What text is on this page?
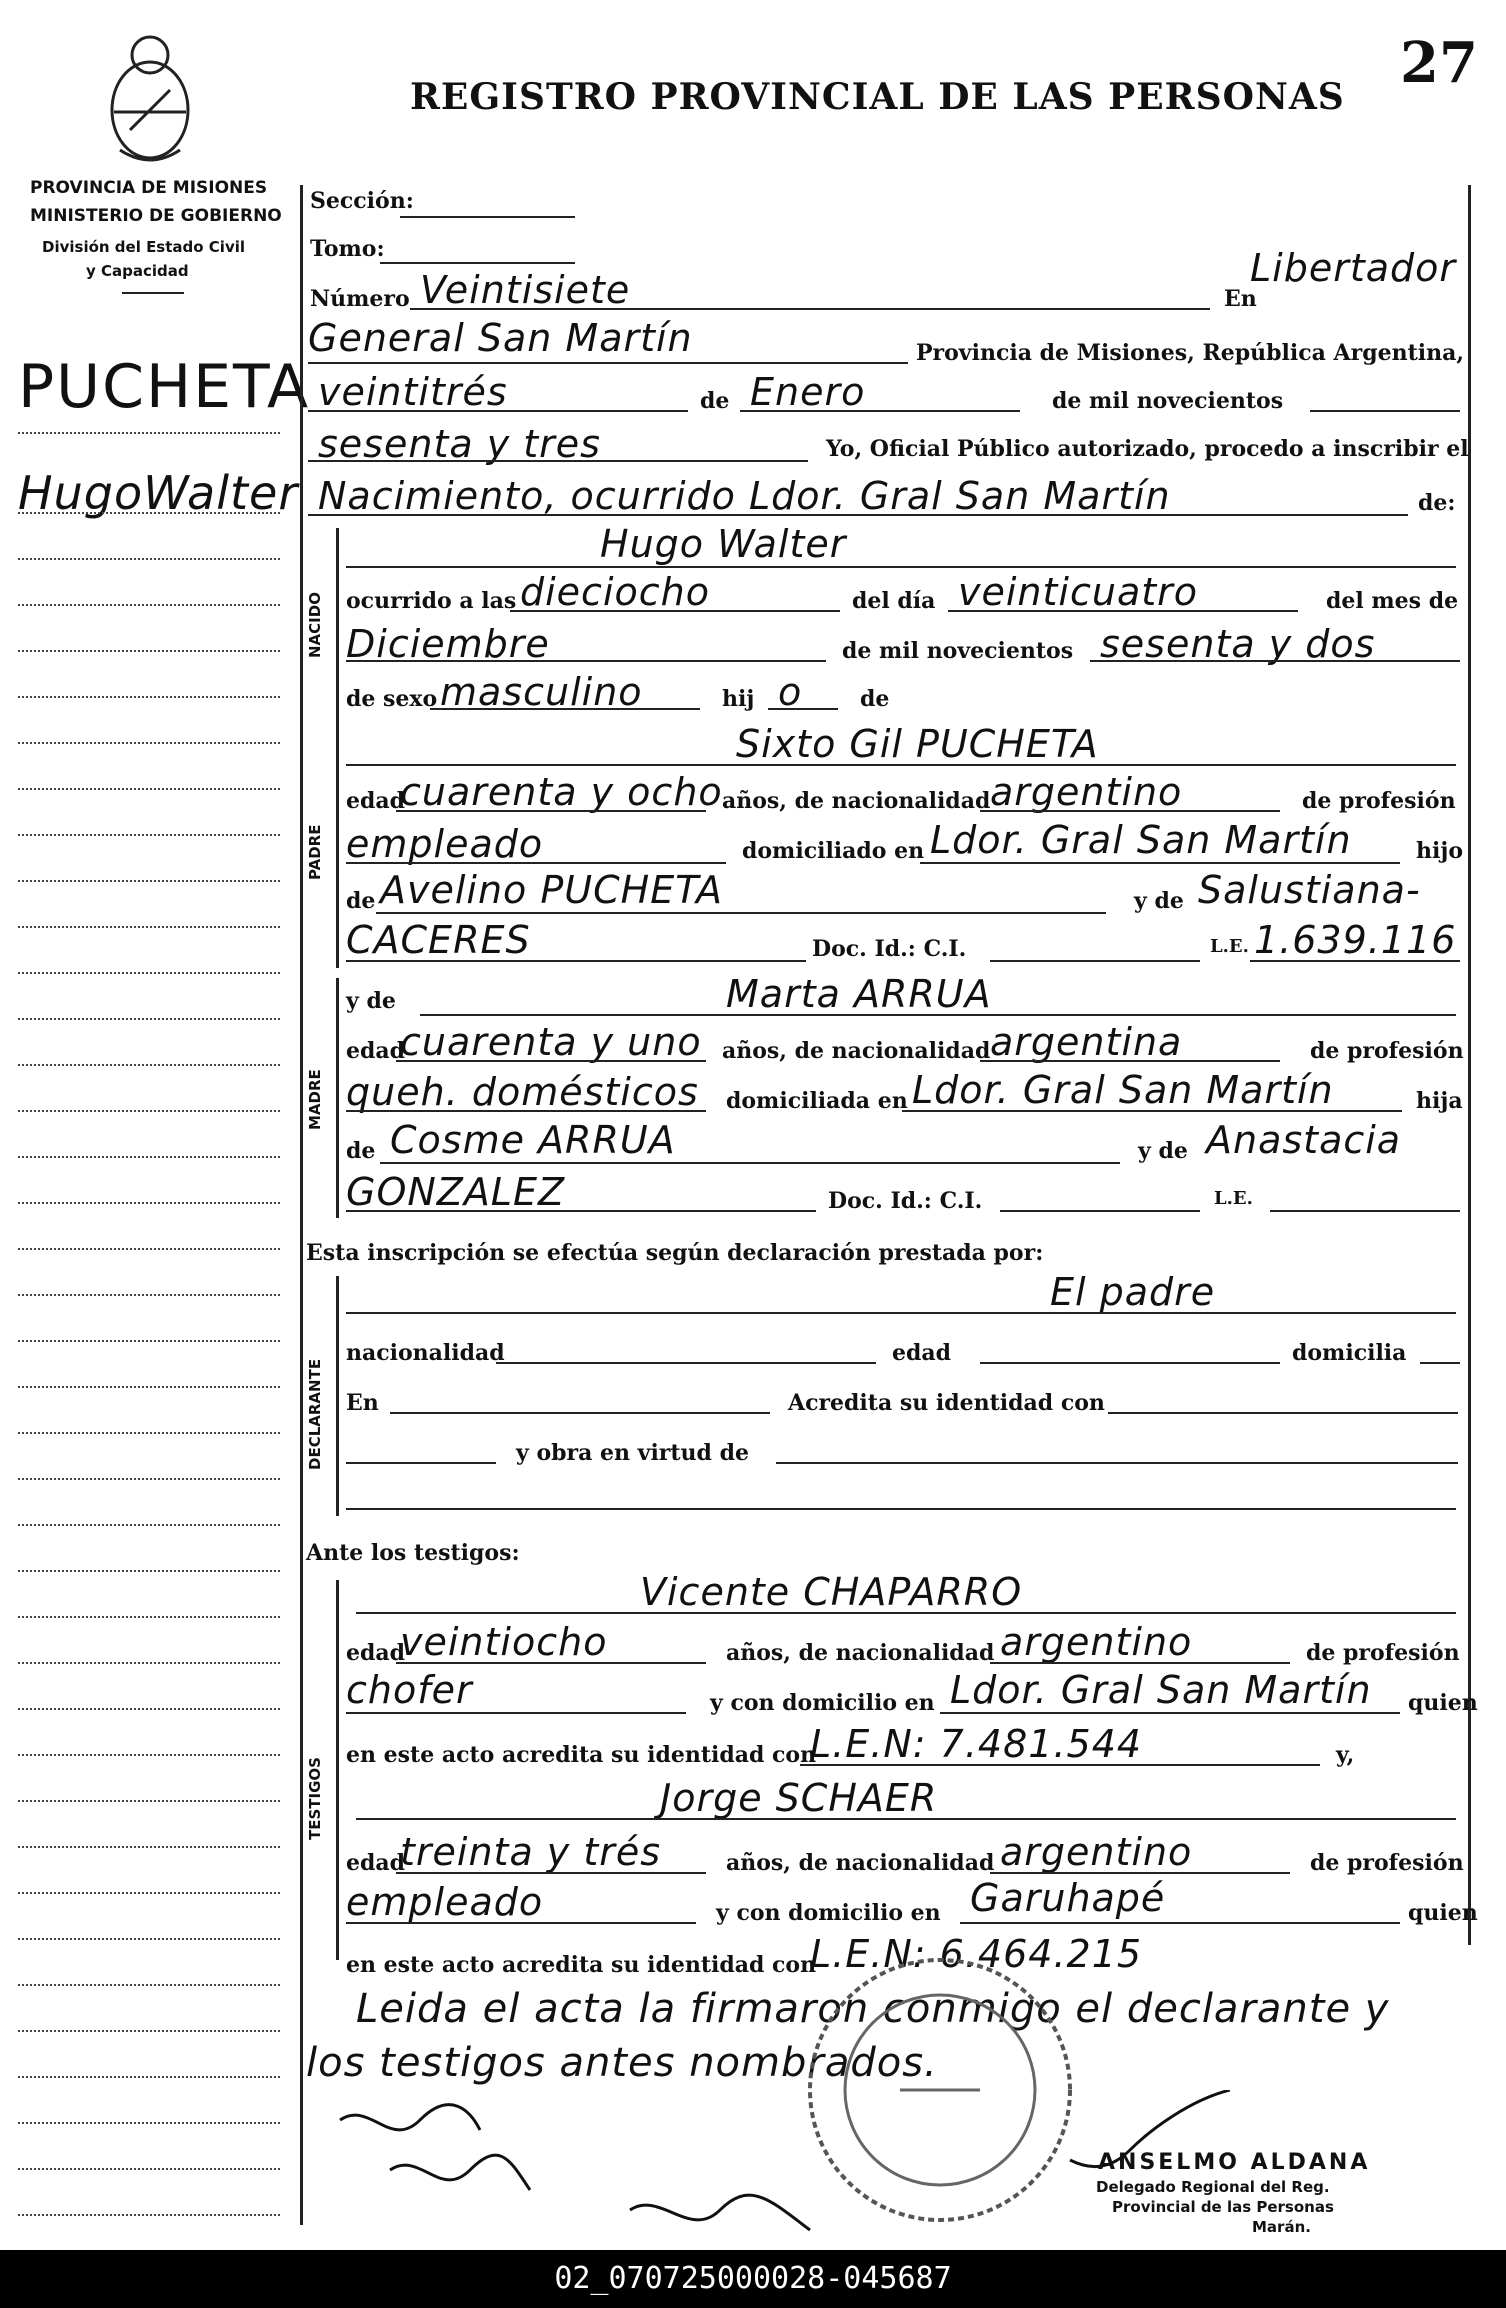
REGISTRO PROVINCIAL DE LAS PERSONAS
27
PROVINCIA DE MISIONES
MINISTERIO DE GOBIERNO
División del Estado Civil
y Capacidad
PUCHETA
HugoWalter
Sección:
Tomo:
Número Veintisiete	En
Libertador
General San Martín	Provincia de Misiones, República Argentina,
veintitrés	de Enero	de mil novecientos
sesenta y tres	Yo, Oficial Público autorizado, procedo a inscribir el
Nacimiento, ocurrido Ldor. Gral San Martín	de:
NACIDO
Hugo Walter
ocurrido a las dieciocho	del día veinticuatro	del mes de
Diciembre	de mil novecientos sesenta y dos
de sexo masculino	hij o	de
PADRE
Sixto Gil PUCHETA
edad
cuarenta y ocho años, de nacionalidad argentino	de profesión
empleado	domiciliado en Ldor. Gral San Martín	hijo
de Avelino PUCHETA	y de Salustiana-
CACERES	Doc. Id.: C.I.	L.E. 1.639.116
MADRE
y de	Marta ARRUA
edad
cuarenta y uno años, de nacionalidad argentina	de profesión
queh. domésticos domiciliada en Ldor. Gral San Martín	hija
de Cosme ARRUA	y de Anastacia
GONZALEZ	Doc. Id.: C.I.	L.E.
Esta inscripción se efectúa según declaración prestada por:
DECLARANTE
El padre
nacionalidad	edad	domicilia
En	Acredita su identidad con
y obra en virtud de
Ante los testigos:
TESTIGOS
Vicente CHAPARRO
edad
veintiocho	años, de nacionalidad argentino	de profesión
chofer	y con domicilio en Ldor. Gral San Martín quien
en este acto acredita su identidad con
L.E.N: 7.481.544	y,
Jorge SCHAER
edad
treinta y trés	años, de nacionalidad argentino	de profesión
empleado	y con domicilio en Garuhapé	quien
en este acto acredita su identidad con
L.E.N: 6.464.215
Leida el acta la firmaron conmigo el declarante y
los testigos antes nombrados.
ANSELMO ALDANA
Delegado Regional del Reg.
Provincial de las Personas
Marán.
02_070725000028-045687
